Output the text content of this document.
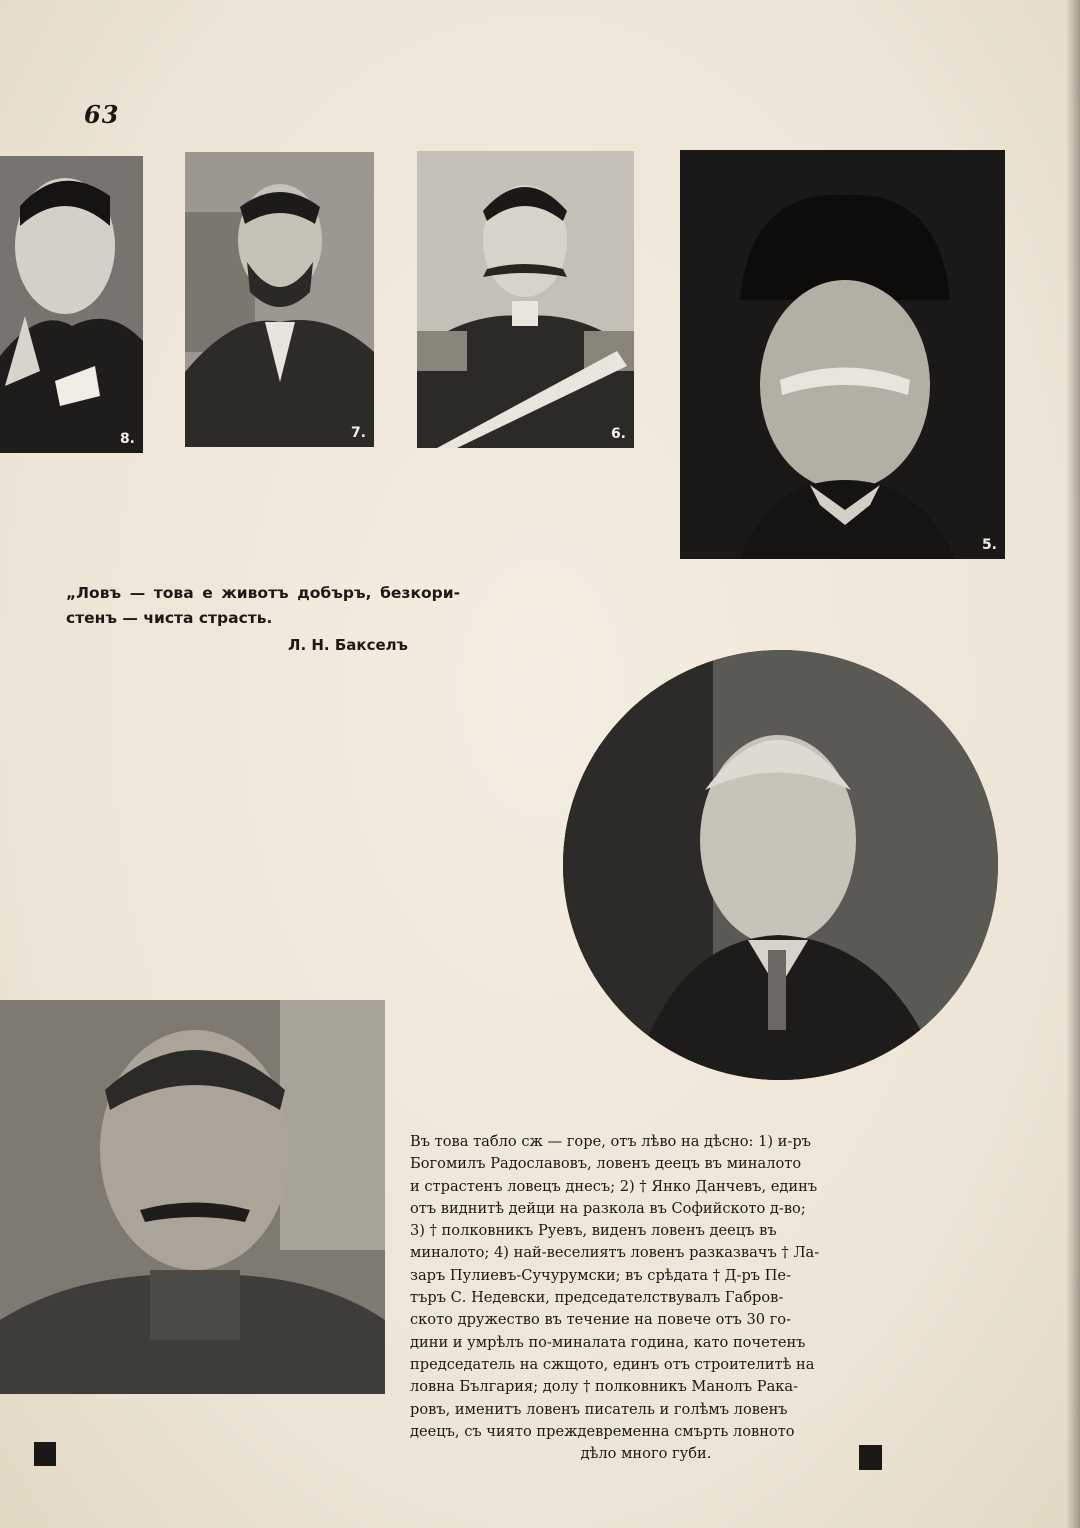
63
8.	7.	6.
5.
„Ловъ — това е животъ добъръ, безкори-
стенъ — чиста страсть.
Л. Н. Бакселъ
Въ това табло сж — горе, отъ лѣво на дѣсно: 1) и-ръ
Богомилъ Радославовъ, ловенъ деецъ въ миналото
и страстенъ ловецъ днесъ; 2) † Янко Данчевъ, единъ
отъ виднитѣ дейци на разкола въ Софийското д-во;
3) † полковникъ Руевъ, виденъ ловенъ деецъ въ
миналото; 4) най-веселиятъ ловенъ разказвачъ † Ла-
заръ Пулиевъ-Сучурумски; въ срѣдата † Д-ръ Пе-
търъ С. Недевски, председателствувалъ Габров-
ското дружество въ течение на повече отъ 30 го-
дини и умрѣлъ по-миналата година, като почетенъ
председатель на сжщото, единъ отъ строителитѣ на
ловна България; долу † полковникъ Манолъ Рака-
ровъ, именитъ ловенъ писатель и голѣмъ ловенъ
деецъ, съ чиято преждевременна смърть ловното
дѣло много губи.
